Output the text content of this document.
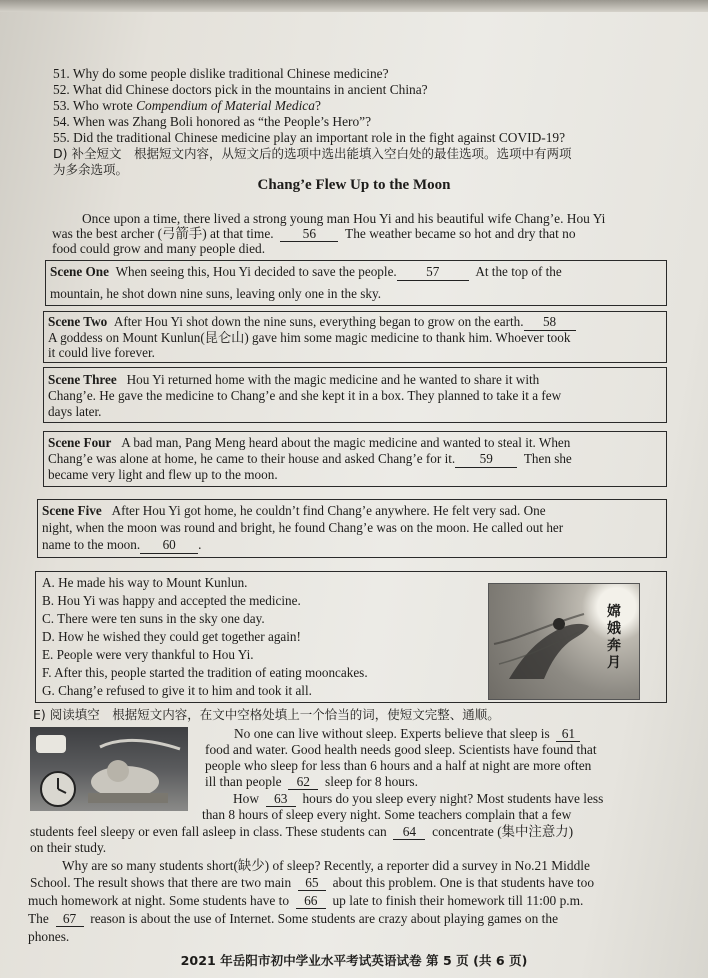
51. Why do some people dislike traditional Chinese medicine?
52. What did Chinese doctors pick in the mountains in ancient China?
53. Who wrote Compendium of Material Medica?
54. When was Zhang Boli honored as “the People’s Hero”?
55. Did the traditional Chinese medicine play an important role in the fight against COVID-19?
D) 补全短文　根据短文内容，从短文后的选项中选出能填入空白处的最佳选项。选项中有两项
为多余选项。
Chang’e Flew Up to the Moon
Once upon a time, there lived a strong young man Hou Yi and his beautiful wife Chang’e. Hou Yi
was the best archer (弓箭手) at that time. 56 The weather became so hot and dry that no
food could grow and many people died.
Scene One When seeing this, Hou Yi decided to save the people. 57	At the top of the
mountain, he shot down nine suns, leaving only one in the sky.
Scene Two After Hou Yi shot down the nine suns, everything began to grow on the earth. 58
A goddess on Mount Kunlun(昆仑山) gave him some magic medicine to thank him. Whoever took
it could live forever.
Scene Three Hou Yi returned home with the magic medicine and he wanted to share it with
Chang’e. He gave the medicine to Chang’e and she kept it in a box. They planned to take it a few
days later.
Scene Four A bad man, Pang Meng heard about the magic medicine and wanted to steal it. When
Chang’e was alone at home, he came to their house and asked Chang’e for it. 59 Then she
became very light and flew up to the moon.
Scene Five After Hou Yi got home, he couldn’t find Chang’e anywhere. He felt very sad. One
night, when the moon was round and bright, he found Chang’e was on the moon. He called out her
name to the moon. 60 .
A. He made his way to Mount Kunlun.
B. Hou Yi was happy and accepted the medicine.
C. There were ten suns in the sky one day.
D. How he wished they could get together again!
E. People were very thankful to Hou Yi.
F. After this, people started the tradition of eating mooncakes.
G. Chang’e refused to give it to him and took it all.
嫦
娥
奔
月
E) 阅读填空　根据短文内容，在文中空格处填上一个恰当的词，使短文完整、通顺。
No one can live without sleep. Experts believe that sleep is 61
food and water. Good health needs good sleep. Scientists have found that
people who sleep for less than 6 hours and a half at night are more often
ill than people 62 sleep for 8 hours.
How 63 hours do you sleep every night? Most students have less
than 8 hours of sleep every night. Some teachers complain that a few
students feel sleepy or even fall asleep in class. These students can 64 concentrate (集中注意力)
on their study.
Why are so many students short(缺少) of sleep? Recently, a reporter did a survey in No.21 Middle
School. The result shows that there are two main 65 about this problem. One is that students have too
much homework at night. Some students have to 66 up late to finish their homework till 11:00 p.m.
The 67 reason is about the use of Internet. Some students are crazy about playing games on the
phones.
2021 年岳阳市初中学业水平考试英语试卷 第 5 页 (共 6 页)
